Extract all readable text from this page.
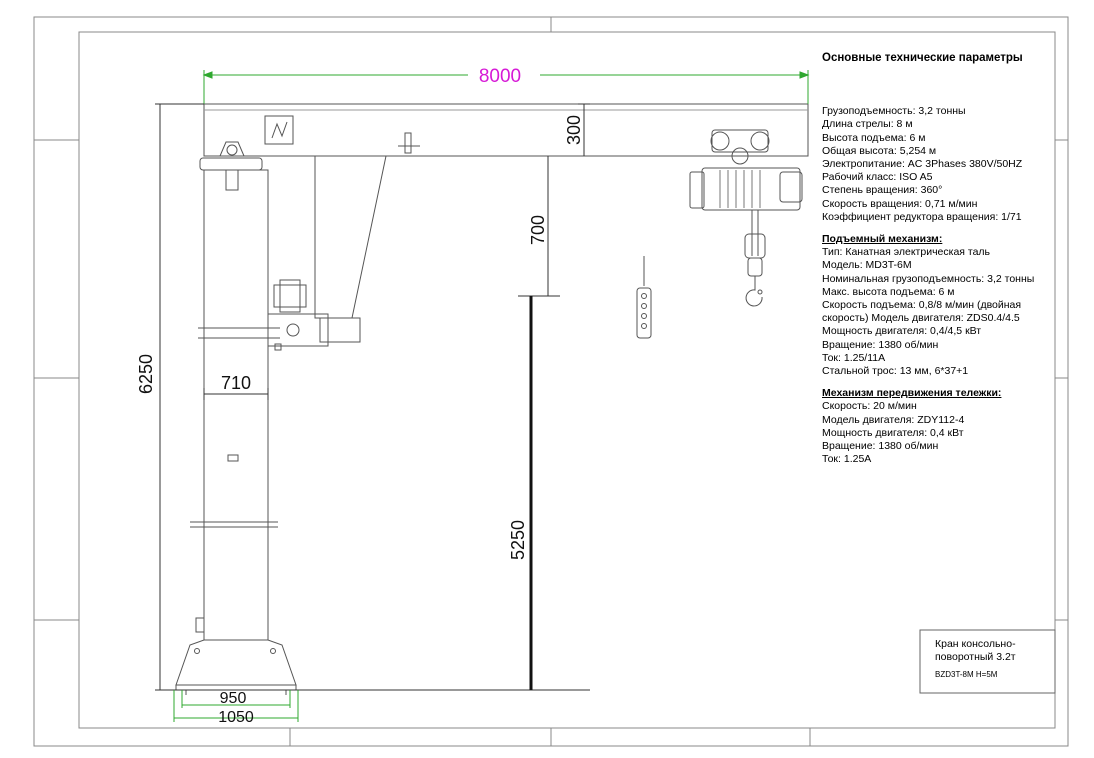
8000
300
700
5250
6250	710
950
1050
Основные технические параметры
Грузоподъемность: 3,2 тонны
Длина стрелы: 8 м
Высота подъема: 6 м
Общая высота: 5,254 м
Электропитание: AC 3Phases 380V/50HZ
Рабочий класс: ISO A5
Степень вращения: 360°
Скорость вращения: 0,71 м/мин
Коэффициент редуктора вращения: 1/71
Подъемный механизм:
Тип: Канатная электрическая таль
Модель: MD3T-6M
Номинальная грузоподъемность: 3,2 тонны
Макс. высота подъема: 6 м
Скорость подъема: 0,8/8 м/мин (двойная
скорость) Модель двигателя: ZDS0.4/4.5
Мощность двигателя: 0,4/4,5 кВт
Вращение: 1380 об/мин
Ток: 1.25/11A
Стальной трос: 13 мм, 6*37+1
Механизм передвижения тележки:
Скорость: 20 м/мин
Модель двигателя: ZDY112-4
Мощность двигателя: 0,4 кВт
Вращение: 1380 об/мин
Ток: 1.25A
Кран консольно-
поворотный 3.2т
BZD3T-8M H=5M
